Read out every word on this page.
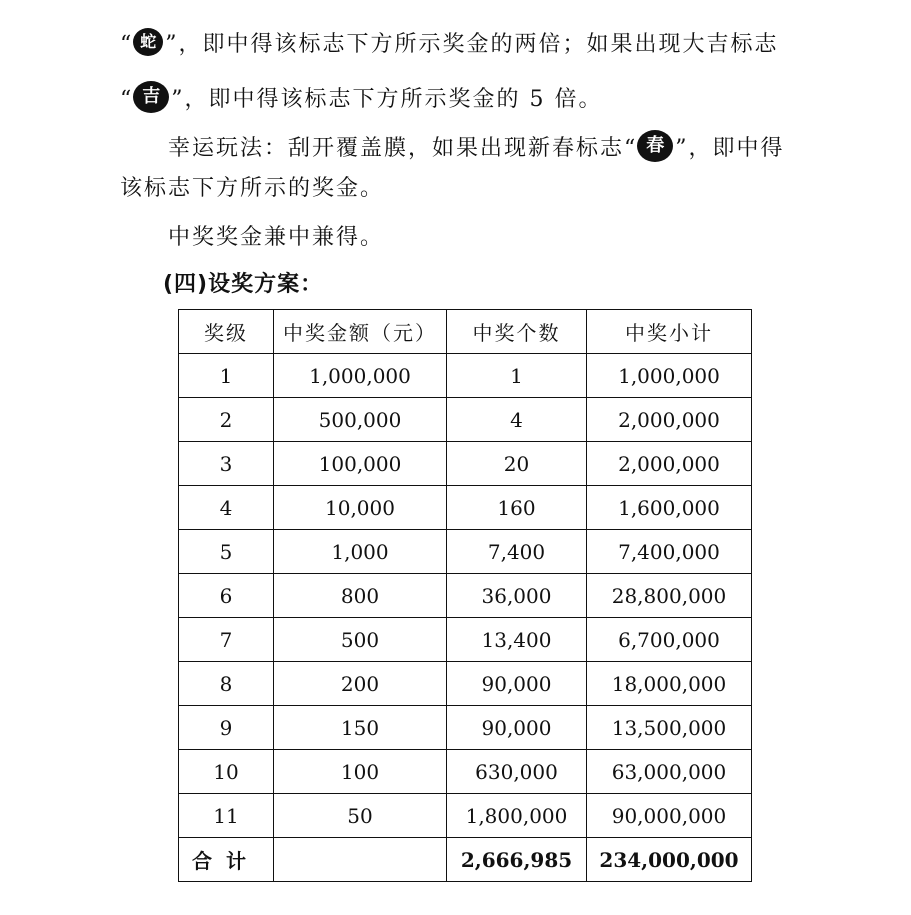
“ 蛇 ”，即中得该标志下方所示奖金的两倍；如果出现大吉标志
“ 吉 ”，即中得该标志下方所示奖金的 5 倍。
幸运玩法：刮开覆盖膜，如果出现新春标志“ 春 ”，即中得
该标志下方所示的奖金。
中奖奖金兼中兼得。
(四)设奖方案：
奖级	中奖金额（元）	中奖个数	中奖小计
1	1,000,000	1	1,000,000
2	500,000	4	2,000,000
3	100,000	20	2,000,000
4	10,000	160	1,600,000
5	1,000	7,400	7,400,000
6	800	36,000	28,800,000
7	500	13,400	6,700,000
8	200	90,000	18,000,000
9	150	90,000	13,500,000
10	100	630,000	63,000,000
11	50	1,800,000	90,000,000
合计		2,666,985	234,000,000
